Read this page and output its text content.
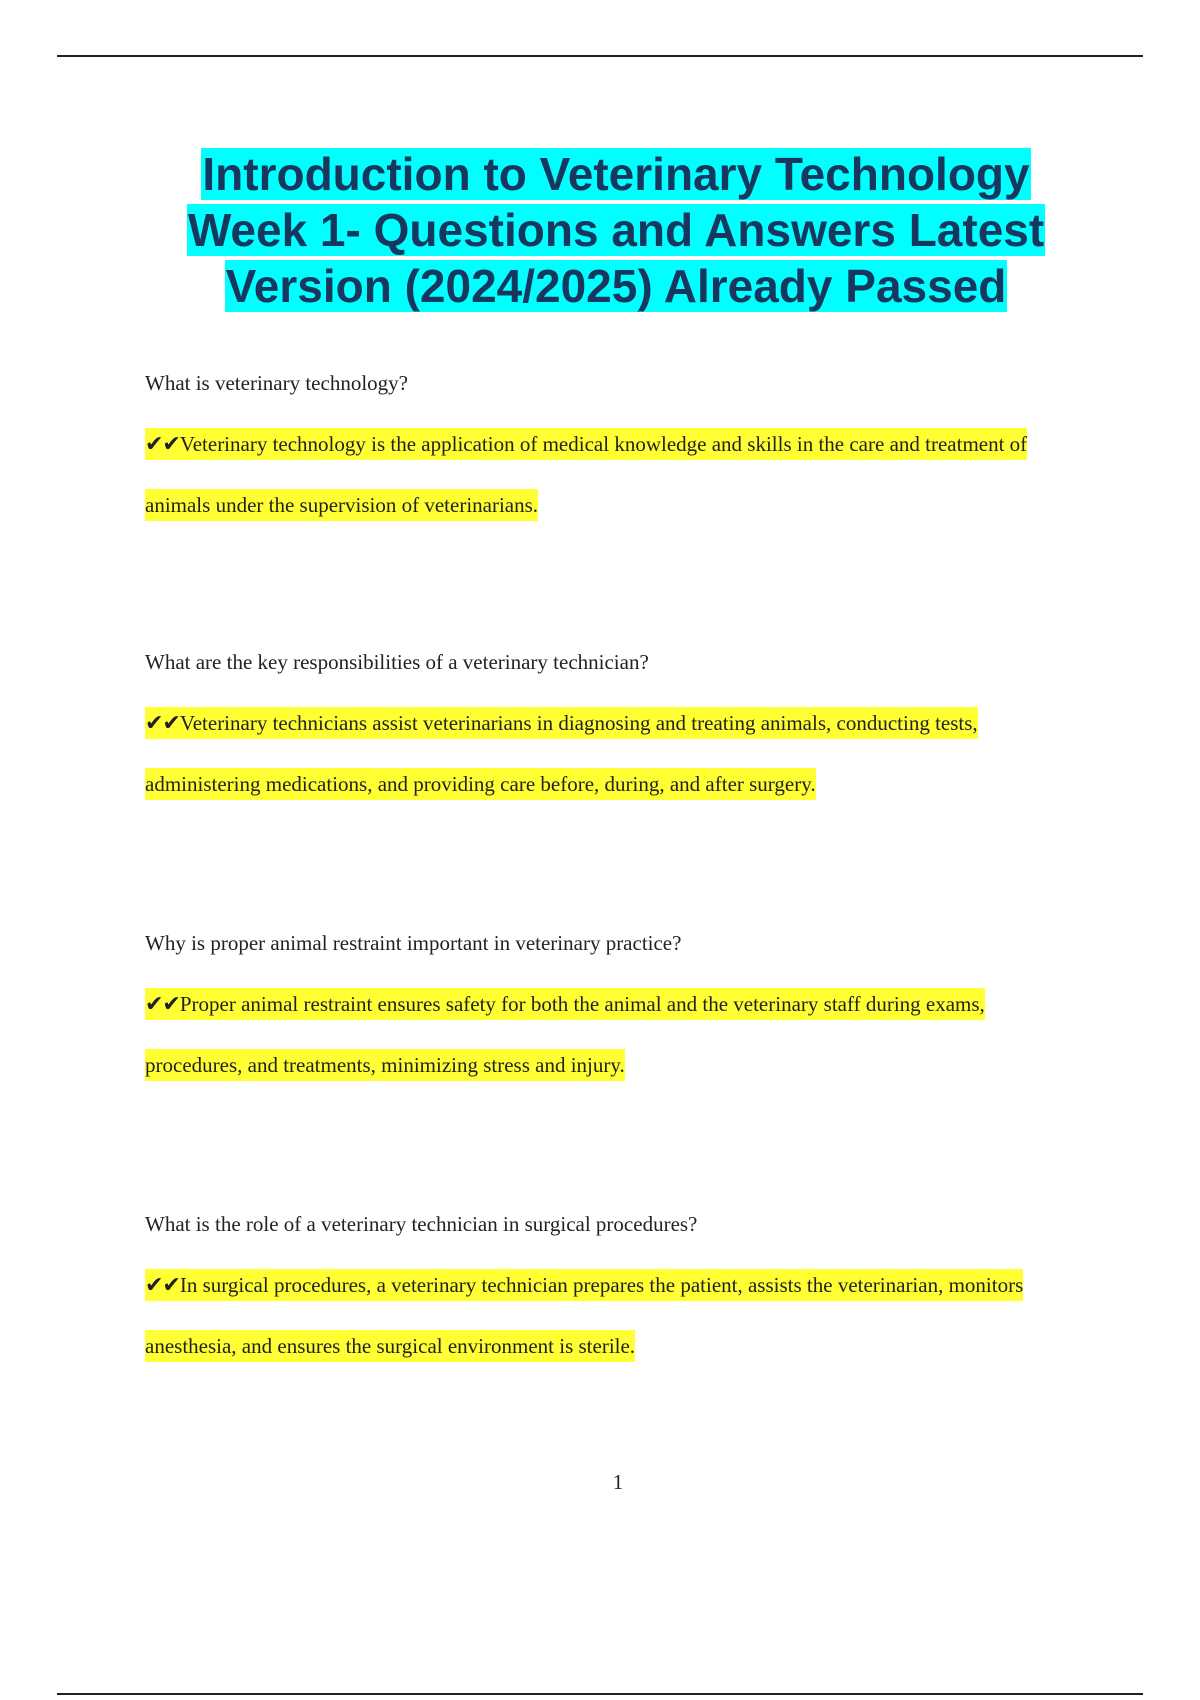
Introduction to Veterinary Technology
Week 1- Questions and Answers Latest
Version (2024/2025) Already Passed

What is veterinary technology?

✔✔Veterinary technology is the application of medical knowledge and skills in the care and treatment of animals under the supervision of veterinarians.

What are the key responsibilities of a veterinary technician?

✔✔Veterinary technicians assist veterinarians in diagnosing and treating animals, conducting tests, administering medications, and providing care before, during, and after surgery.

Why is proper animal restraint important in veterinary practice?

✔✔Proper animal restraint ensures safety for both the animal and the veterinary staff during exams, procedures, and treatments, minimizing stress and injury.

What is the role of a veterinary technician in surgical procedures?

✔✔In surgical procedures, a veterinary technician prepares the patient, assists the veterinarian, monitors anesthesia, and ensures the surgical environment is sterile.

1
